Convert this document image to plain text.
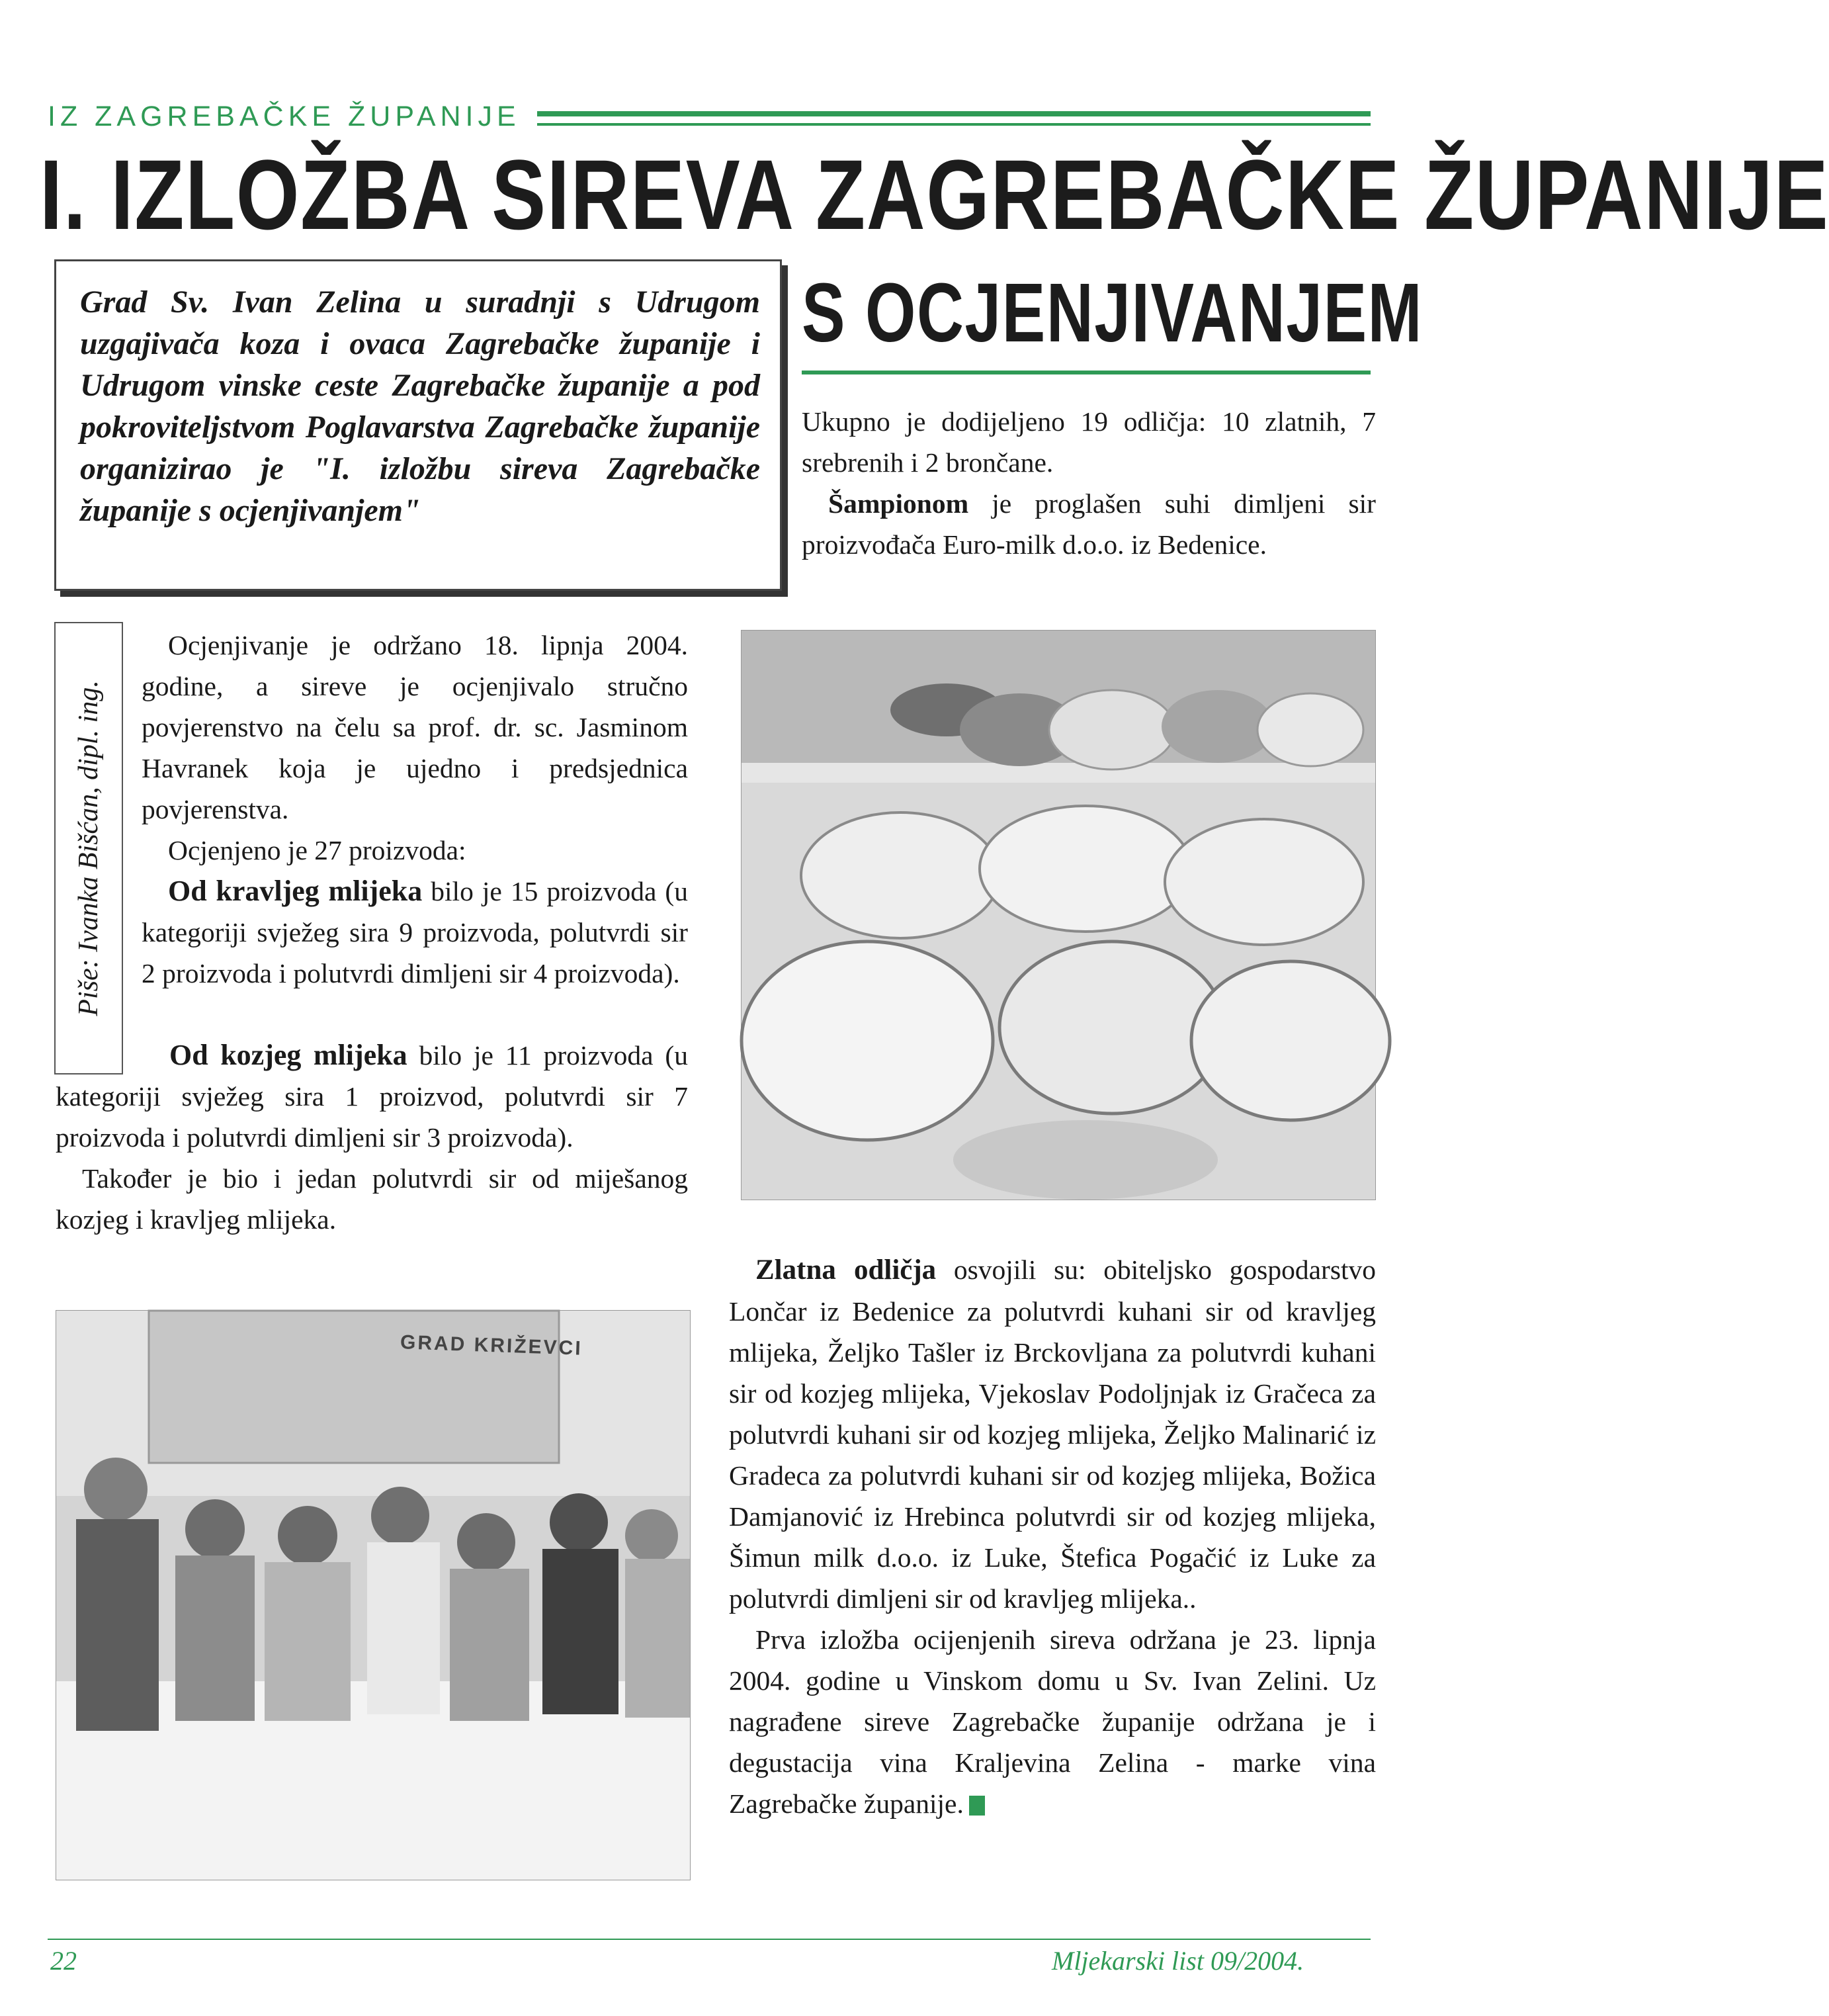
IZ ZAGREBAČKE ŽUPANIJE
I. IZLOŽBA SIREVA ZAGREBAČKE ŽUPANIJE
S OCJENJIVANJEM
Grad Sv. Ivan Zelina u suradnji s Udrugom uzgajivača koza i ovaca Zagrebačke županije i Udrugom vinske ceste Zagrebačke županije a pod pokroviteljstvom Poglavarstva Zagrebačke županije organizirao je "I. izložbu sireva Zagrebačke županije s ocjenjivanjem"

Ukupno je dodijeljeno 19 odličja: 10 zlatnih, 7 srebrenih i 2 brončane.

Šampionom je proglašen suhi dimljeni sir proizvođača Euro-milk d.o.o. iz Bedenice.

Piše: Ivanka Bišćan, dipl. ing.

Ocjenjivanje je održano 18. lipnja 2004. godine, a sireve je ocjenjivalo stručno povjerenstvo na čelu sa prof. dr. sc. Jasminom Havranek koja je ujedno i predsjednica povjerenstva.

Ocjenjeno je 27 proizvoda:

Od kravljeg mlijeka bilo je 15 proizvoda (u kategoriji svježeg sira 9 proizvoda, polutvrdi sir 2 proizvoda i polutvrdi dimljeni sir 4 proizvoda).

Od kozjeg mlijeka bilo je 11 proizvoda (u kategoriji svježeg sira 1 proizvod, polutvrdi sir 7 proizvoda i polutvrdi dimljeni sir 3 proizvoda).

Također je bio i jedan polutvrdi sir od miješanog kozjeg i kravljeg mlijeka.

GRAD KRIŽEVCI

Zlatna odličja osvojili su: obiteljsko gospodarstvo Lončar iz Bedenice za polutvrdi kuhani sir od kravljeg mlijeka, Željko Tašler iz Brckovljana za polutvrdi kuhani sir od kozjeg mlijeka, Vjekoslav Podoljnjak iz Gračeca za polutvrdi kuhani sir od kozjeg mlijeka, Željko Malinarić iz Gradeca za polutvrdi kuhani sir od kozjeg mlijeka, Božica Damjanović iz Hrebinca polutvrdi sir od kozjeg mlijeka, Šimun milk d.o.o. iz Luke, Štefica Pogačić iz Luke za polutvrdi dimljeni sir od kravljeg mlijeka..

Prva izložba ocijenjenih sireva održana je 23. lipnja 2004. godine u Vinskom domu u Sv. Ivan Zelini. Uz nagrađene sireve Zagrebačke županije održana je i degustacija vina Kraljevina Zelina - marke vina Zagrebačke županije.

22	Mljekarski list 09/2004.
